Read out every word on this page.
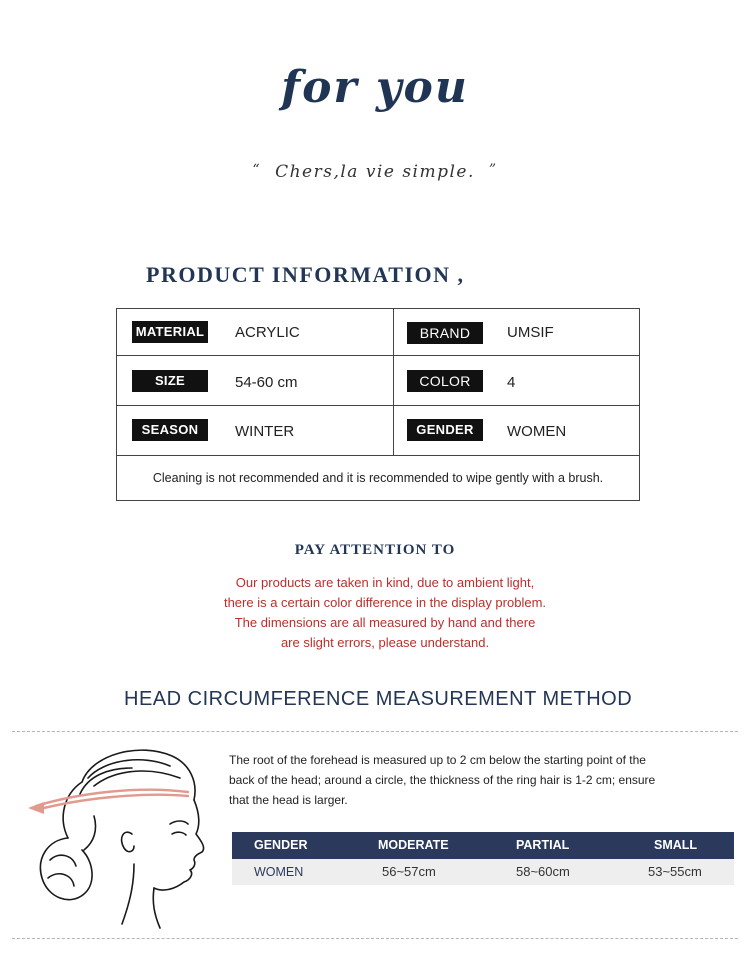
for you
“ Chers,la vie simple. ”
PRODUCT INFORMATION ,
MATERIAL ACRYLIC	BRAND	UMSIF
SIZE	54-60 cm	COLOR	4
SEASON	WINTER	GENDER	WOMEN
Cleaning is not recommended and it is recommended to wipe gently with a brush.
PAY ATTENTION TO
Our products are taken in kind, due to ambient light,
there is a certain color difference in the display problem.
The dimensions are all measured by hand and there
are slight errors, please understand.
HEAD CIRCUMFERENCE MEASUREMENT METHOD
The root of the forehead is measured up to 2 cm below the starting point of the
back of the head; around a circle, the thickness of the ring hair is 1-2 cm; ensure
that the head is larger.
GENDER	MODERATE	PARTIAL	SMALL
WOMEN	56~57cm	58~60cm	53~55cm
